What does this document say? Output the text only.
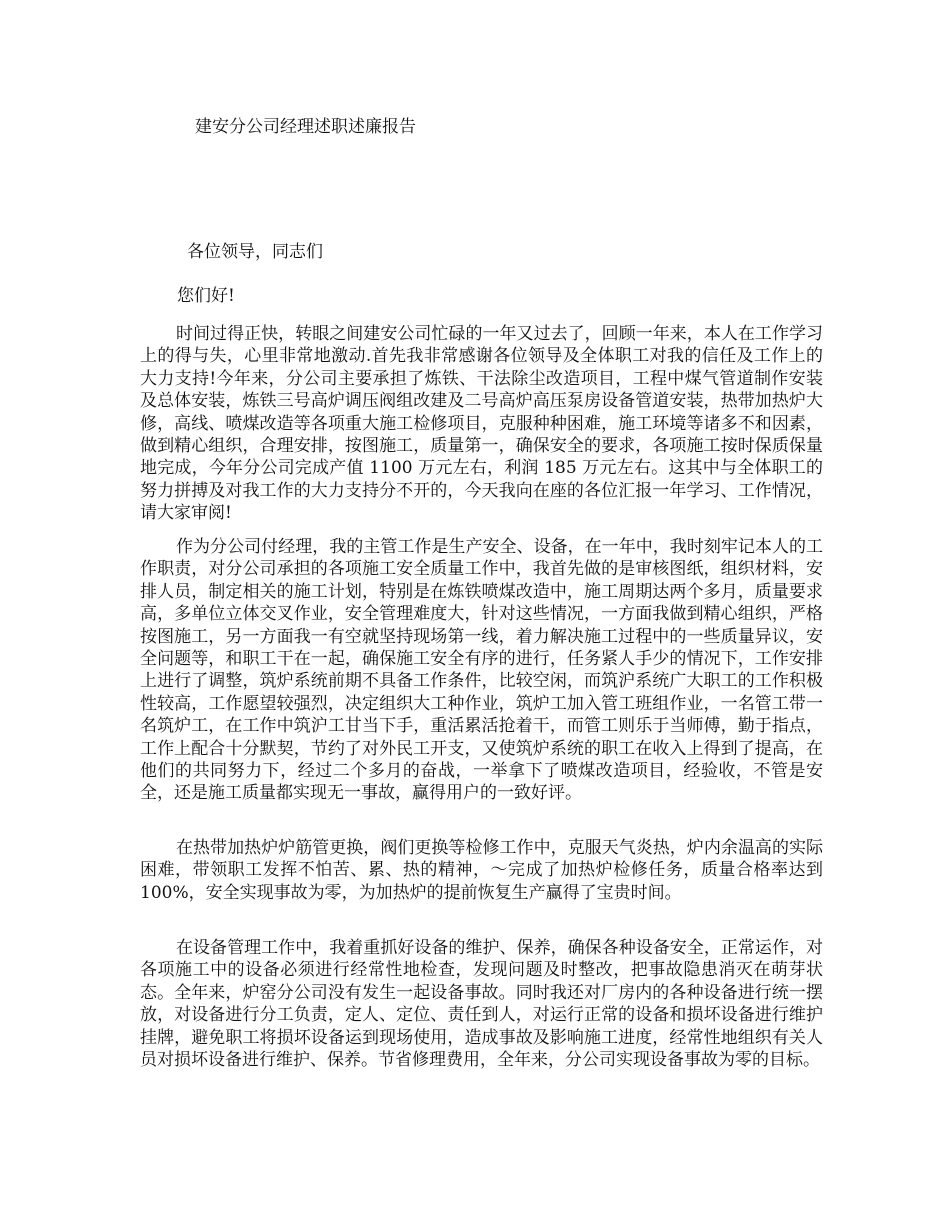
建安分公司经理述职述廉报告

各位领导，同志们

您们好!

时间过得正快，转眼之间建安公司忙碌的一年又过去了，回顾一年来，本人在工作学习上的得与失，心里非常地激动.首先我非常感谢各位领导及全体职工对我的信任及工作上的大力支持!今年来，分公司主要承担了炼铁、干法除尘改造项目，工程中煤气管道制作安装及总体安装，炼铁三号高炉调压阀组改建及二号高炉高压泵房设备管道安装，热带加热炉大修，高线、喷煤改造等各项重大施工检修项目，克服种种困难，施工环境等诸多不和因素，做到精心组织，合理安排，按图施工，质量第一，确保安全的要求，各项施工按时保质保量地完成，今年分公司完成产值 1100 万元左右，利润 185 万元左右。这其中与全体职工的努力拼搏及对我工作的大力支持分不开的，今天我向在座的各位汇报一年学习、工作情况，请大家审阅!

作为分公司付经理，我的主管工作是生产安全、设备，在一年中，我时刻牢记本人的工作职责，对分公司承担的各项施工安全质量工作中，我首先做的是审核图纸，组织材料，安排人员，制定相关的施工计划，特别是在炼铁喷煤改造中，施工周期达两个多月，质量要求高，多单位立体交叉作业，安全管理难度大，针对这些情况，一方面我做到精心组织，严格按图施工，另一方面我一有空就坚持现场第一线，着力解决施工过程中的一些质量异议，安全问题等，和职工干在一起，确保施工安全有序的进行，任务紧人手少的情况下，工作安排上进行了调整，筑炉系统前期不具备工作条件，比较空闲，而筑沪系统广大职工的工作积极性较高，工作愿望较强烈，决定组织大工种作业，筑炉工加入管工班组作业，一名管工带一名筑炉工，在工作中筑沪工甘当下手，重活累活抢着干，而管工则乐于当师傅，勤于指点，工作上配合十分默契，节约了对外民工开支，又使筑炉系统的职工在收入上得到了提高，在他们的共同努力下，经过二个多月的奋战，一举拿下了喷煤改造项目，经验收，不管是安全，还是施工质量都实现无一事故，赢得用户的一致好评。

在热带加热炉炉筋管更换，阀们更换等检修工作中，克服天气炎热，炉内余温高的实际困难，带领职工发挥不怕苦、累、热的精神，～完成了加热炉检修任务，质量合格率达到 100%，安全实现事故为零，为加热炉的提前恢复生产赢得了宝贵时间。

在设备管理工作中，我着重抓好设备的维护、保养，确保各种设备安全，正常运作，对各项施工中的设备必须进行经常性地检查，发现问题及时整改，把事故隐患消灭在萌芽状态。全年来，炉窑分公司没有发生一起设备事故。同时我还对厂房内的各种设备进行统一摆放，对设备进行分工负责，定人、定位、责任到人，对运行正常的设备和损坏设备进行维护挂牌，避免职工将损坏设备运到现场使用，造成事故及影响施工进度，经常性地组织有关人员对损坏设备进行维护、保养。节省修理费用，全年来，分公司实现设备事故为零的目标。
